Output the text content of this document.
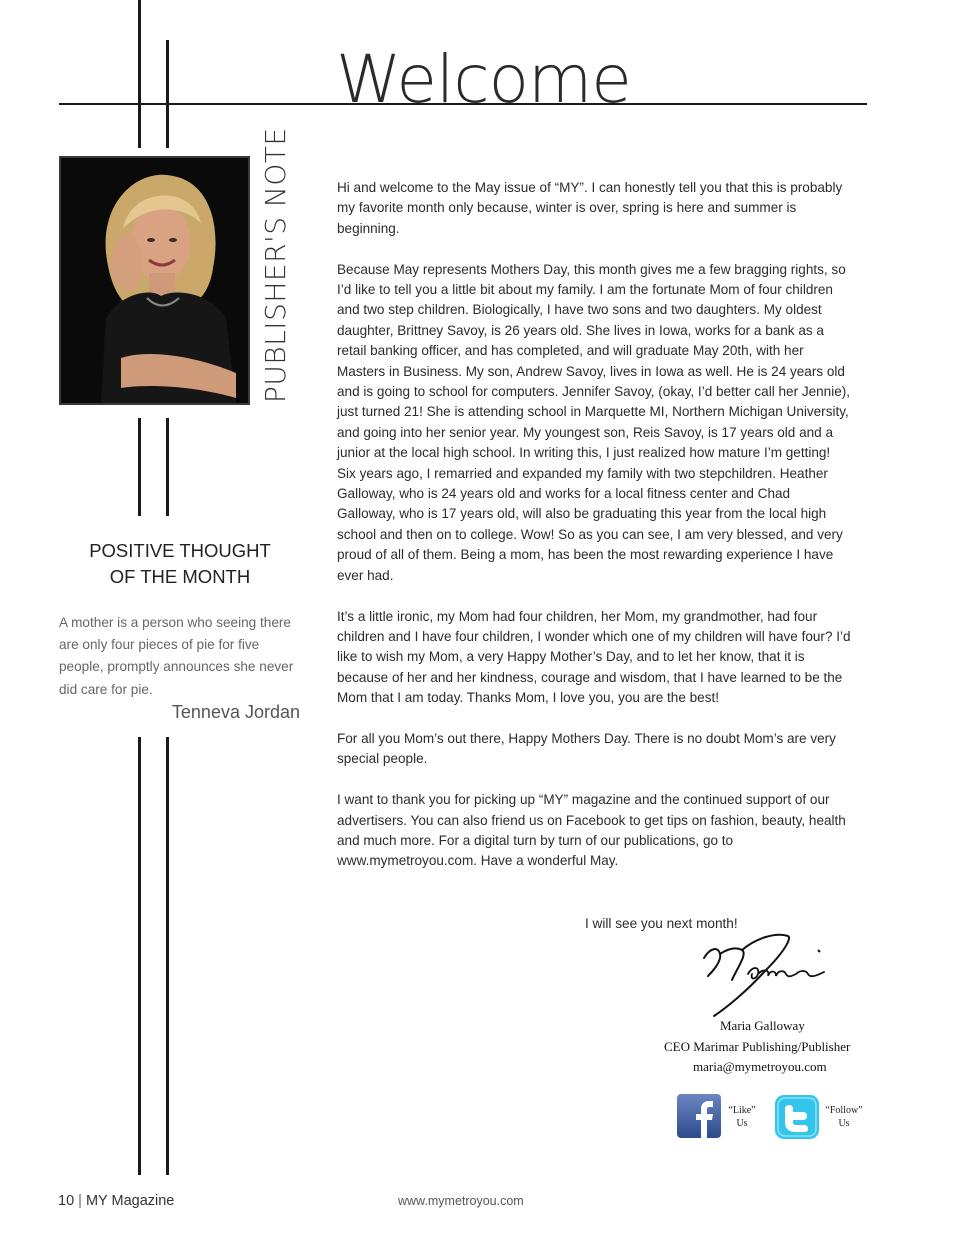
Welcome
PUBLISHER'S NOTE
POSITIVE THOUGHT
OF THE MONTH
A mother is a person who seeing there are only four pieces of pie for five people, promptly announces she never did care for pie.
Tenneva Jordan

Hi and welcome to the May issue of “MY”. I can honestly tell you that this is probably my favorite month only because, winter is over, spring is here and summer is beginning.

Because May represents Mothers Day, this month gives me a few bragging rights, so I’d like to tell you a little bit about my family. I am the fortunate Mom of four children and two step children. Biologically, I have two sons and two daughters. My oldest daughter, Brittney Savoy, is 26 years old. She lives in Iowa, works for a bank as a retail banking officer, and has completed, and will graduate May 20th, with her Masters in Business. My son, Andrew Savoy, lives in Iowa as well. He is 24 years old and is going to school for computers. Jennifer Savoy, (okay, I’d better call her Jennie), just turned 21! She is attending school in Marquette MI, Northern Michigan University, and going into her senior year. My youngest son, Reis Savoy, is 17 years old and a junior at the local high school. In writing this, I just realized how mature I’m getting! Six years ago, I remarried and expanded my family with two stepchildren. Heather Galloway, who is 24 years old and works for a local fitness center and Chad Galloway, who is 17 years old, will also be graduating this year from the local high school and then on to college. Wow! So as you can see, I am very blessed, and very proud of all of them. Being a mom, has been the most rewarding experience I have ever had.

It’s a little ironic, my Mom had four children, her Mom, my grandmother, had four children and I have four children, I wonder which one of my children will have four? I’d like to wish my Mom, a very Happy Mother’s Day, and to let her know, that it is because of her and her kindness, courage and wisdom, that I have learned to be the Mom that I am today. Thanks Mom, I love you, you are the best!

For all you Mom’s out there, Happy Mothers Day. There is no doubt Mom’s are very special people.

I want to thank you for picking up “MY” magazine and the continued support of our advertisers. You can also friend us on Facebook to get tips on fashion, beauty, health and much more. For a digital turn by turn of our publications, go to www.mymetroyou.com. Have a wonderful May.

I will see you next month!
Maria Galloway
CEO Marimar Publishing/Publisher
maria@mymetroyou.com
“Like” Us
“Follow” Us
10 | MY Magazine	www.mymetroyou.com
